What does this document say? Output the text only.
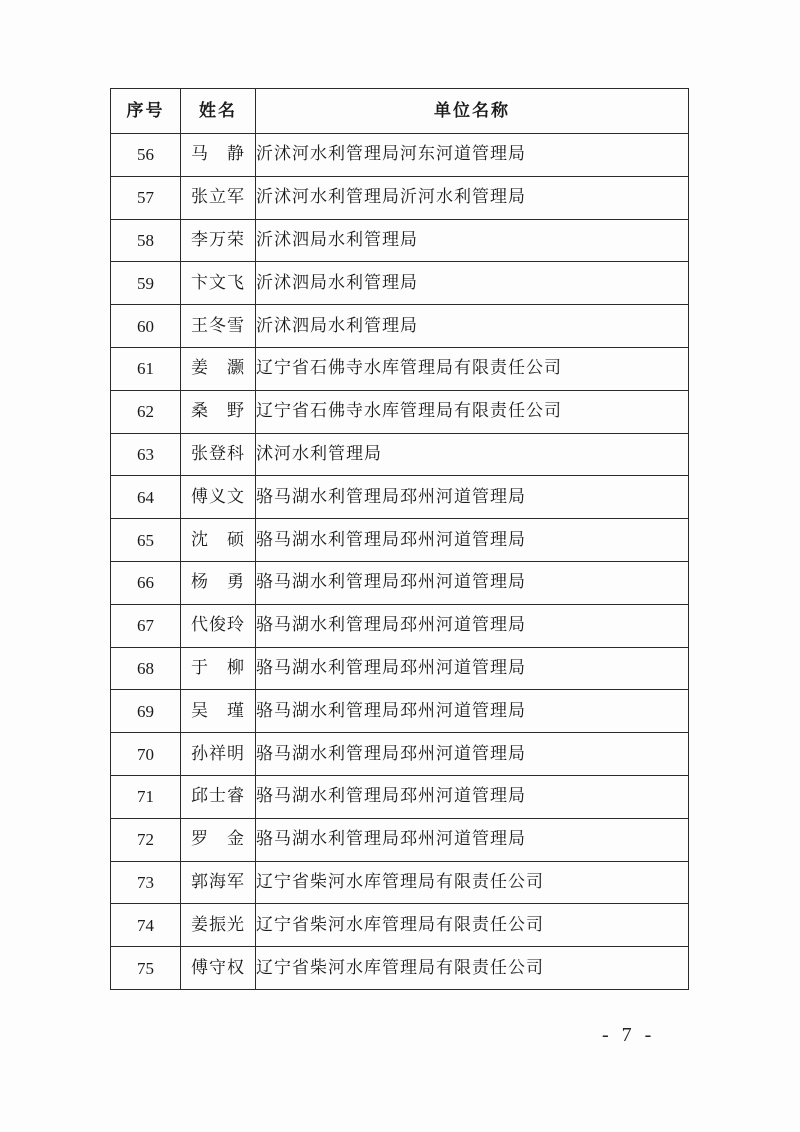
序号	姓名	单位名称
56	马　静	沂沭河水利管理局河东河道管理局
57	张立军	沂沭河水利管理局沂河水利管理局
58	李万荣	沂沭泗局水利管理局
59	卞文飞	沂沭泗局水利管理局
60	王冬雪	沂沭泗局水利管理局
61	姜　灏	辽宁省石佛寺水库管理局有限责任公司
62	桑　野	辽宁省石佛寺水库管理局有限责任公司
63	张登科	沭河水利管理局
64	傅义文	骆马湖水利管理局邳州河道管理局
65	沈　硕	骆马湖水利管理局邳州河道管理局
66	杨　勇	骆马湖水利管理局邳州河道管理局
67	代俊玲	骆马湖水利管理局邳州河道管理局
68	于　柳	骆马湖水利管理局邳州河道管理局
69	吴　瑾	骆马湖水利管理局邳州河道管理局
70	孙祥明	骆马湖水利管理局邳州河道管理局
71	邱士睿	骆马湖水利管理局邳州河道管理局
72	罗　金	骆马湖水利管理局邳州河道管理局
73	郭海军	辽宁省柴河水库管理局有限责任公司
74	姜振光	辽宁省柴河水库管理局有限责任公司
75	傅守权	辽宁省柴河水库管理局有限责任公司
- 7 -
